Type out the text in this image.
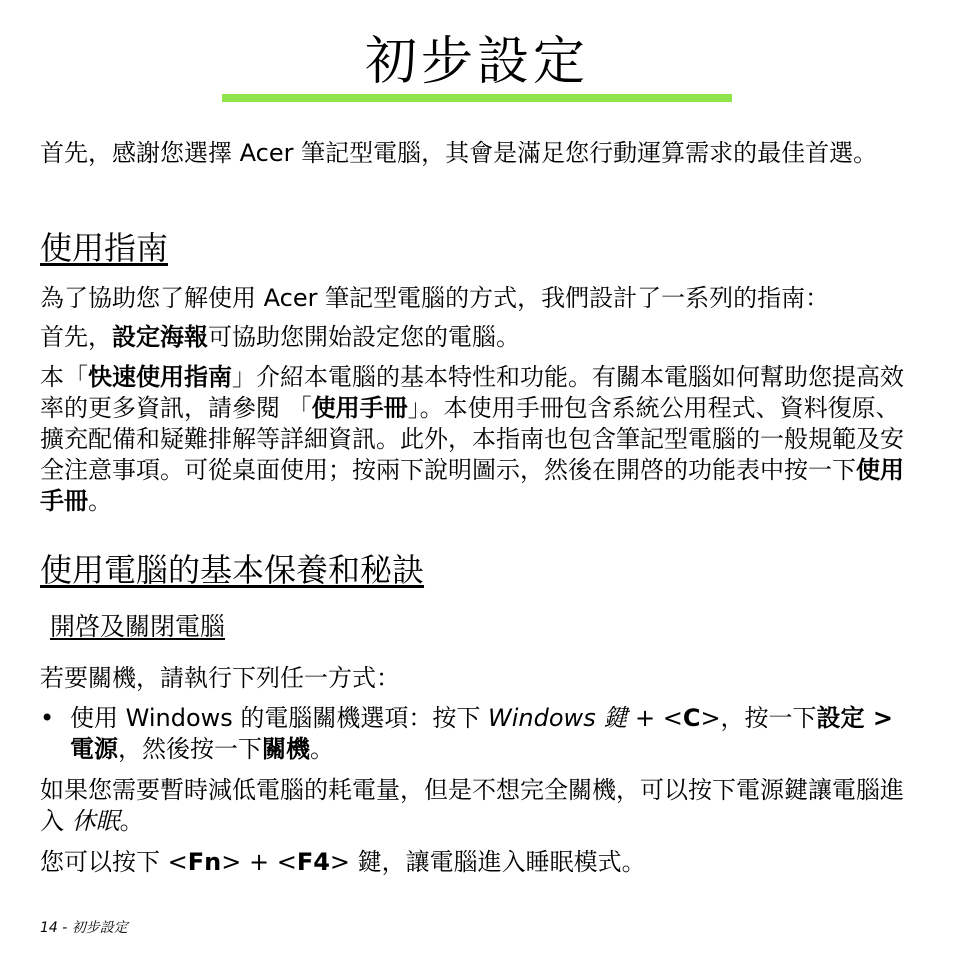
初步設定
首先，感謝您選擇 Acer 筆記型電腦，其會是滿足您行動運算需求的最佳首選。
使用指南
為了協助您了解使用 Acer 筆記型電腦的方式，我們設計了一系列的指南：
首先，設定海報可協助您開始設定您的電腦。
本「快速使用指南」介紹本電腦的基本特性和功能。有關本電腦如何幫助您提高效率的更多資訊，請參閱 「使用手冊」。本使用手冊包含系統公用程式、資料復原、擴充配備和疑難排解等詳細資訊。此外，本指南也包含筆記型電腦的一般規範及安全注意事項。可從桌面使用；按兩下說明圖示，然後在開啓的功能表中按一下使用手冊。
使用電腦的基本保養和秘訣
開啓及關閉電腦
若要關機，請執行下列任一方式：
• 使用 Windows 的電腦關機選項：按下 Windows 鍵 + <C>，按一下設定 > 電源，然後按一下關機。
如果您需要暫時減低電腦的耗電量，但是不想完全關機，可以按下電源鍵讓電腦進入 休眠。
您可以按下 <Fn> + <F4> 鍵，讓電腦進入睡眠模式。
14 - 初步設定
